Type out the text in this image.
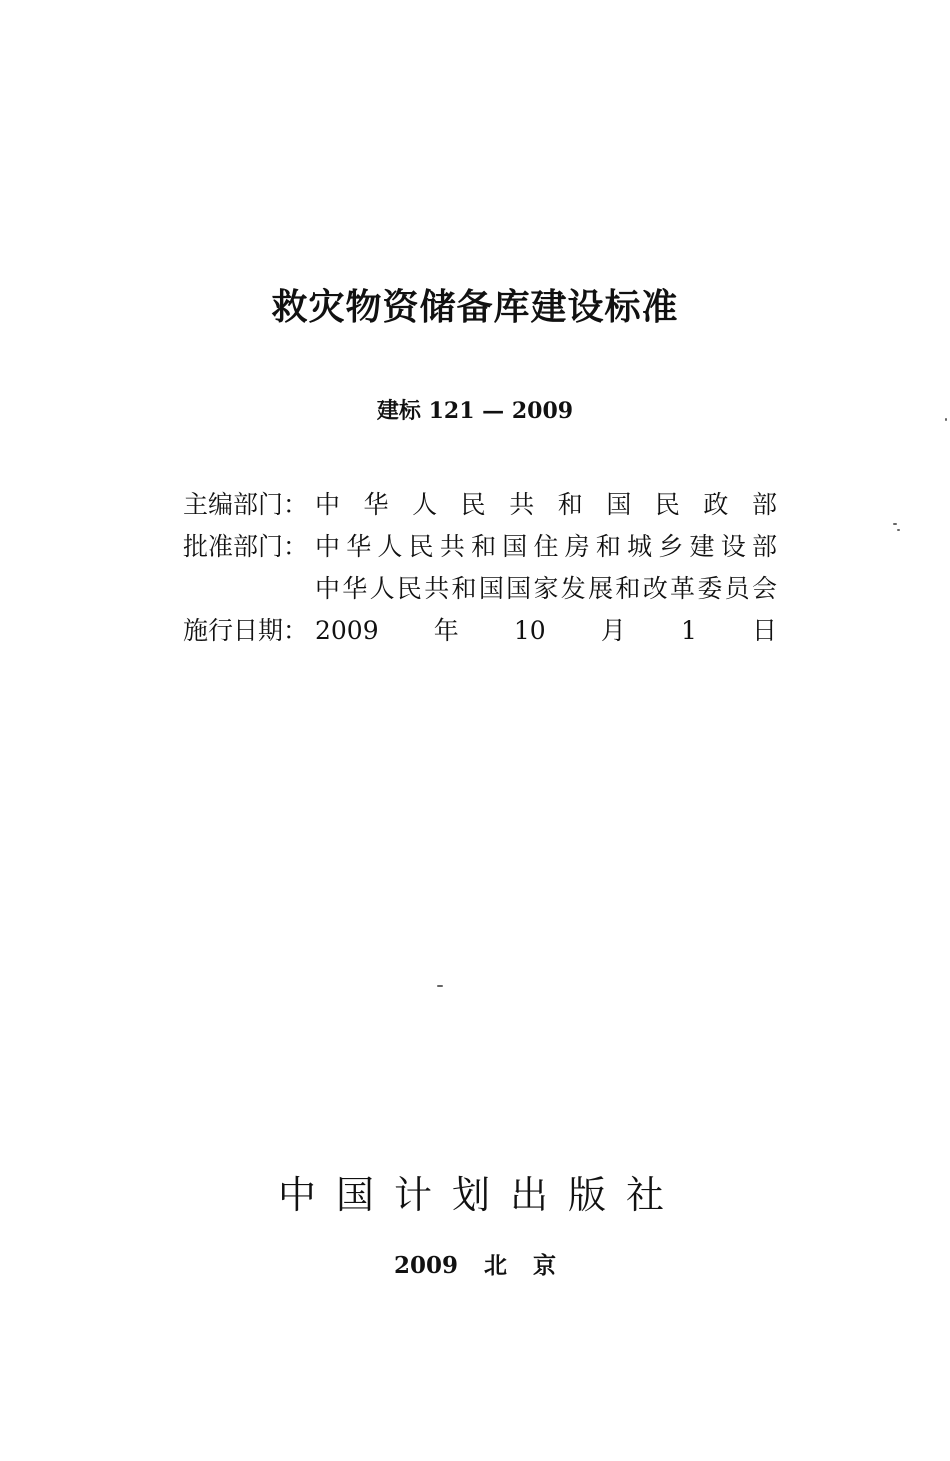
救灾物资储备库建设标准
建标 121 — 2009
主编部门： 中华人民共和国民政部
批准部门： 中华人民共和国住房和城乡建设部
中华人民共和国国家发展和改革委员会
施行日期： 2009年10月1日
中国计划出版社
2009 北 京
